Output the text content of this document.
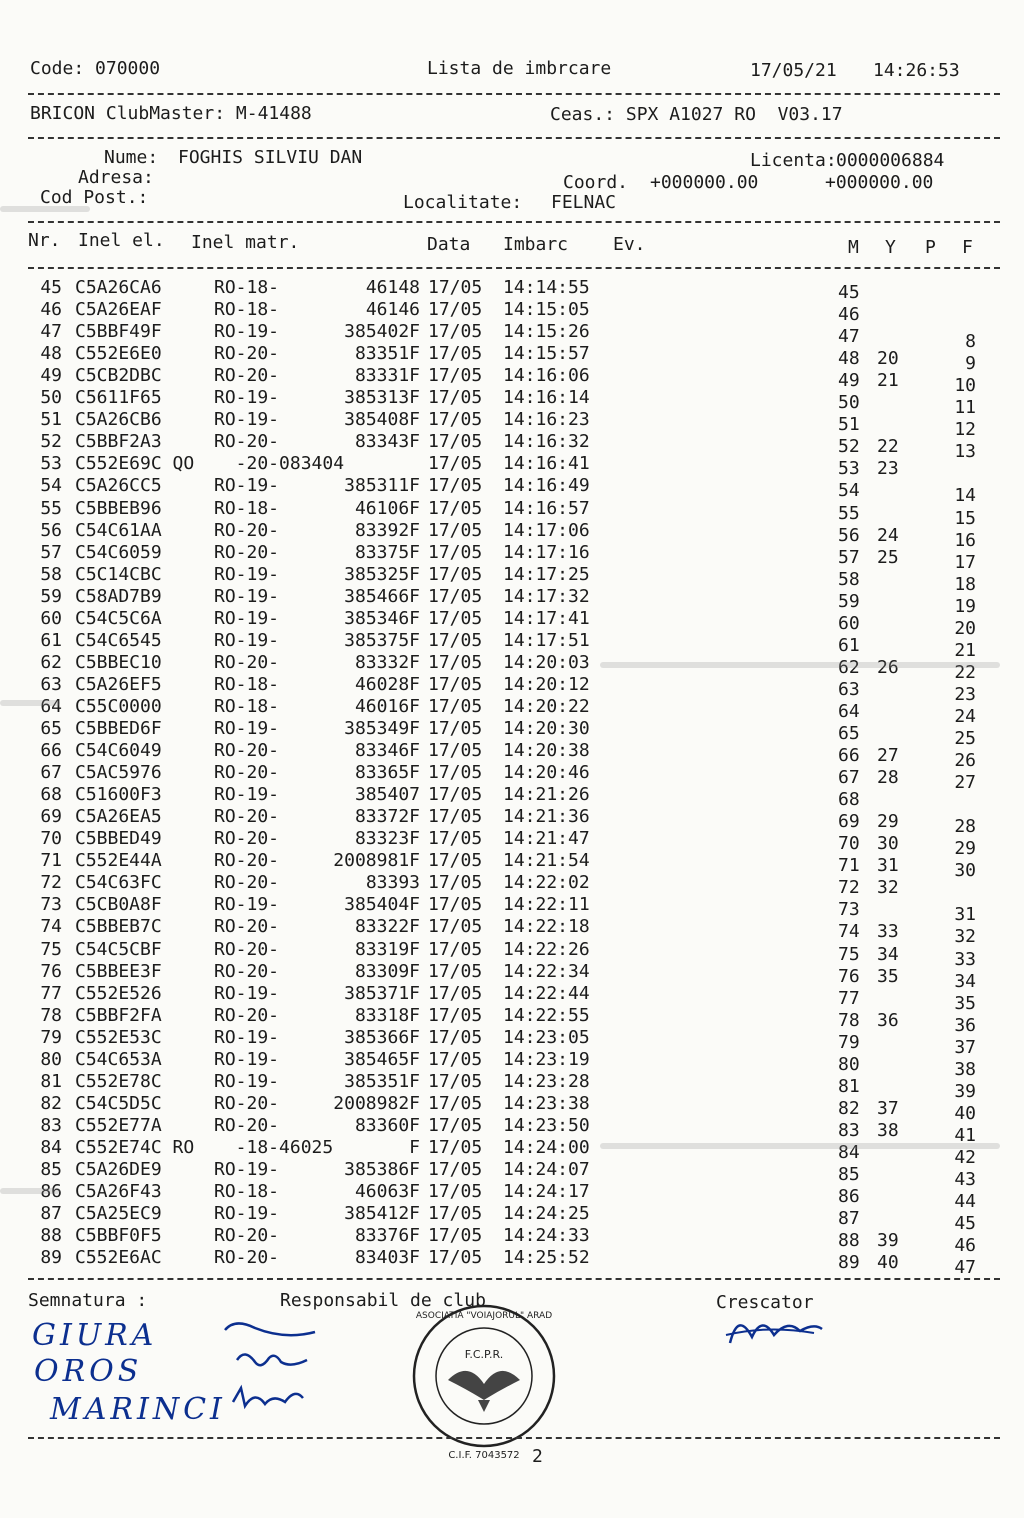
Code: 070000	Lista de imbrcare	17/05/21 14:26:53
BRICON ClubMaster: M-41488	Ceas.: SPX A1027 RO  V03.17
Nume: FOGHIS SILVIU DAN	Licenta: 0000006884
Adresa:	Coord. +000000.00	+000000.00
Cod Post.:	Localitate: FELNAC
Nr. Inel el. Inel matr.	Data Imbarc Ev.	M Y P F
45 C5A26CA6	RO-18-	46148 17/05 14:14:55	45
46 C5A26EAF	RO-18-	46146 17/05 14:15:05	46
47 C5BBF49F	RO-19-	385402F 17/05 14:15:26	47	8
48 C552E6E0	RO-20-	83351F 17/05 14:15:57	48 20	9
49 C5CB2DBC	RO-20-	83331F 17/05 14:16:06	49 21	10
50 C5611F65	RO-19-	385313F 17/05 14:16:14	50	11
51 C5A26CB6	RO-19-	385408F 17/05 14:16:23	51	12
52 C5BBF2A3	RO-20-	83343F 17/05 14:16:32	52 22	13
53 C552E69C QO -20-083404	17/05 14:16:41	53 23
54 C5A26CC5	RO-19-	385311F 17/05 14:16:49	54	14
55 C5BBEB96	RO-18-	46106F 17/05 14:16:57	55	15
56 C54C61AA	RO-20-	83392F 17/05 14:17:06	56 24	16
57 C54C6059	RO-20-	83375F 17/05 14:17:16	57 25	17
58 C5C14CBC	RO-19-	385325F 17/05 14:17:25	58	18
59 C58AD7B9	RO-19-	385466F 17/05 14:17:32	59	19
60 C54C5C6A	RO-19-	385346F 17/05 14:17:41	60	20
61 C54C6545	RO-19-	385375F 17/05 14:17:51	61	21
62 C5BBEC10	RO-20-	83332F 17/05 14:20:03	62 26	22
63 C5A26EF5	RO-18-	46028F 17/05 14:20:12	63	23
64 C55C0000	RO-18-	46016F 17/05 14:20:22	64	24
65 C5BBED6F	RO-19-	385349F 17/05 14:20:30	65	25
66 C54C6049	RO-20-	83346F 17/05 14:20:38	66 27	26
67 C5AC5976	RO-20-	83365F 17/05 14:20:46	67 28	27
68 C51600F3	RO-19-	385407 17/05 14:21:26	68
69 C5A26EA5	RO-20-	83372F 17/05 14:21:36	69 29	28
70 C5BBED49	RO-20-	83323F 17/05 14:21:47	70 30	29
71 C552E44A	RO-20-	2008981F 17/05 14:21:54	71 31	30
72 C54C63FC	RO-20-	83393 17/05 14:22:02	72 32
73 C5CB0A8F	RO-19-	385404F 17/05 14:22:11	73	31
74 C5BBEB7C	RO-20-	83322F 17/05 14:22:18	74 33	32
75 C54C5CBF	RO-20-	83319F 17/05 14:22:26	75 34	33
76 C5BBEE3F	RO-20-	83309F 17/05 14:22:34	76 35	34
77 C552E526	RO-19-	385371F 17/05 14:22:44	77	35
78 C5BBF2FA	RO-20-	83318F 17/05 14:22:55	78 36	36
79 C552E53C	RO-19-	385366F 17/05 14:23:05	79	37
80 C54C653A	RO-19-	385465F 17/05 14:23:19	80	38
81 C552E78C	RO-19-	385351F 17/05 14:23:28	81	39
82 C54C5D5C	RO-20-	2008982F 17/05 14:23:38	82 37	40
83 C552E77A	RO-20-	83360F 17/05 14:23:50	83 38	41
84 C552E74C RO -18-46025	F 17/05 14:24:00	84	42
85 C5A26DE9	RO-19-	385386F 17/05 14:24:07	85	43
86 C5A26F43	RO-18-	46063F 17/05 14:24:17	86	44
87 C5A25EC9	RO-19-	385412F 17/05 14:24:25	87	45
88 C5BBF0F5	RO-20-	83376F 17/05 14:24:33	88 39	46
89 C552E6AC	RO-20-	83403F 17/05 14:25:52	89 40	47
Semnatura :	Responsabil de club	Crescator
GIURA
OROS
MARINCI
ASOCIATIA "VOIAJORUL" ARAD
F.C.P.R.
C.I.F. 7043572 2
